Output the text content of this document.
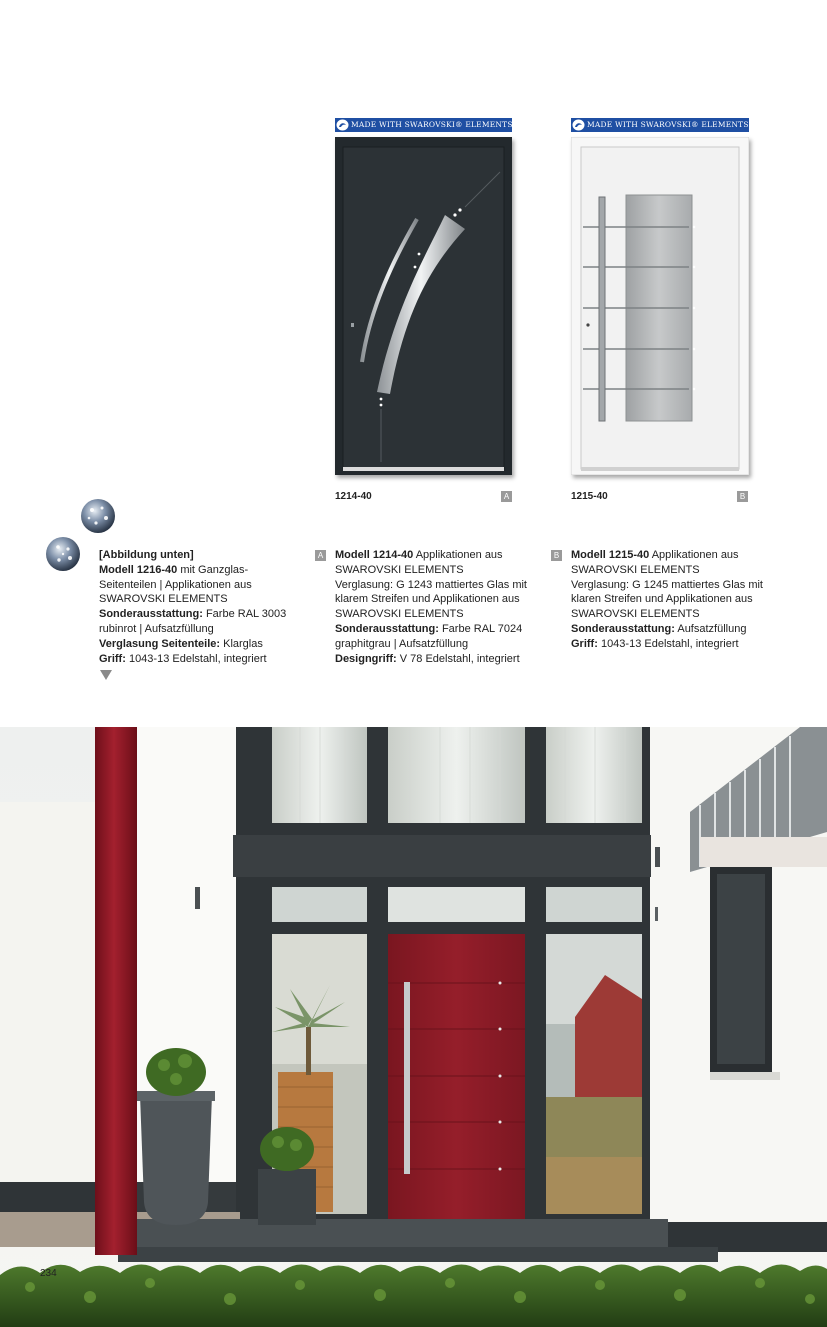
MADE WITH SWAROVSKI® ELEMENTS
1214-40	A
MADE WITH SWAROVSKI® ELEMENTS
1215-40	B

[Abbildung unten]

Modell 1216-40 mit Ganzglas-

Seitenteilen | Applikationen aus

SWAROVSKI ELEMENTS

Sonderausstattung: Farbe RAL 3003

rubinrot | Aufsatzfüllung

Verglasung Seitenteile: Klarglas

Griff: 1043-13 Edelstahl, integriert

A Modell 1214-40 Applikationen aus

SWAROVSKI ELEMENTS

Verglasung: G 1243 mattiertes Glas mit

klarem Streifen und Applikationen aus

SWAROVSKI ELEMENTS

Sonderausstattung: Farbe RAL 7024

graphitgrau | Aufsatzfüllung

Designgriff: V 78 Edelstahl, integriert

B Modell 1215-40 Applikationen aus

SWAROVSKI ELEMENTS

Verglasung: G 1245 mattiertes Glas mit

klaren Streifen und Applikationen aus

SWAROVSKI ELEMENTS

Sonderausstattung: Aufsatzfüllung

Griff: 1043-13 Edelstahl, integriert

234
